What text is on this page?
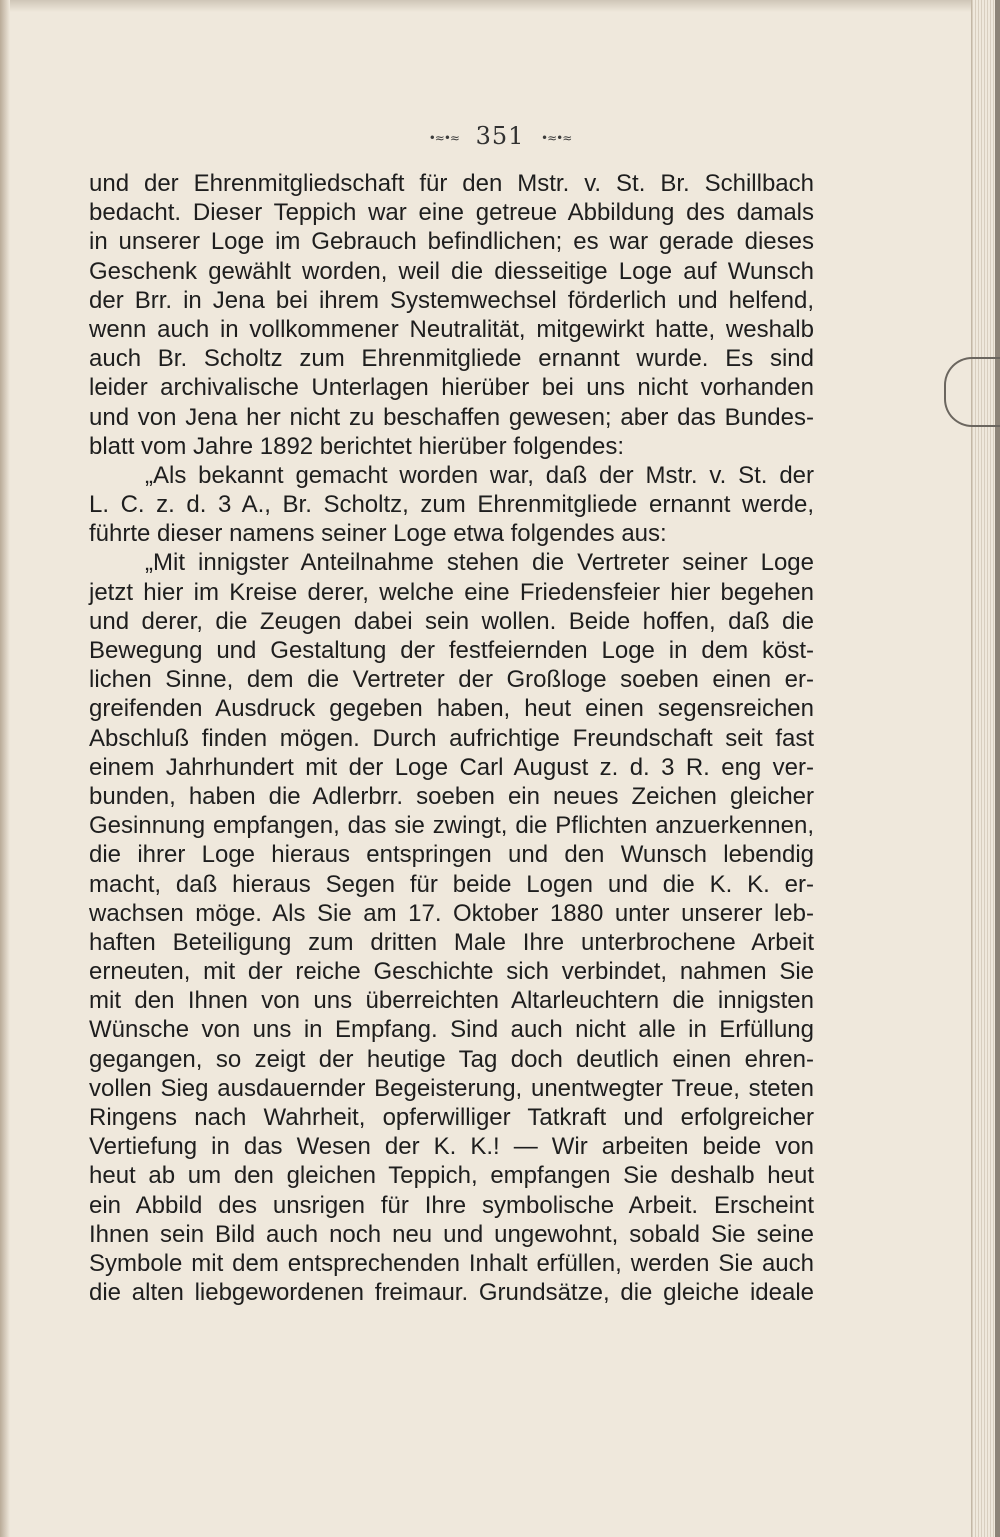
•≈•≈ 351 •≈•≈
und der Ehrenmitgliedschaft für den Mstr. v. St. Br. Schillbach
bedacht. Dieser Teppich war eine getreue Abbildung des damals
in unserer Loge im Gebrauch befindlichen; es war gerade dieses
Geschenk gewählt worden, weil die diesseitige Loge auf Wunsch
der Brr. in Jena bei ihrem Systemwechsel förderlich und helfend,
wenn auch in vollkommener Neutralität, mitgewirkt hatte, weshalb
auch Br. Scholtz zum Ehrenmitgliede ernannt wurde. Es sind
leider archivalische Unterlagen hierüber bei uns nicht vorhanden
und von Jena her nicht zu beschaffen gewesen; aber das Bundes-
blatt vom Jahre 1892 berichtet hierüber folgendes:
„Als bekannt gemacht worden war, daß der Mstr. v. St. der
L. C. z. d. 3 A., Br. Scholtz, zum Ehrenmitgliede ernannt werde,
führte dieser namens seiner Loge etwa folgendes aus:
„Mit innigster Anteilnahme stehen die Vertreter seiner Loge
jetzt hier im Kreise derer, welche eine Friedensfeier hier begehen
und derer, die Zeugen dabei sein wollen. Beide hoffen, daß die
Bewegung und Gestaltung der festfeiernden Loge in dem köst-
lichen Sinne, dem die Vertreter der Großloge soeben einen er-
greifenden Ausdruck gegeben haben, heut einen segensreichen
Abschluß finden mögen. Durch aufrichtige Freundschaft seit fast
einem Jahrhundert mit der Loge Carl August z. d. 3 R. eng ver-
bunden, haben die Adlerbrr. soeben ein neues Zeichen gleicher
Gesinnung empfangen, das sie zwingt, die Pflichten anzuerkennen,
die ihrer Loge hieraus entspringen und den Wunsch lebendig
macht, daß hieraus Segen für beide Logen und die K. K. er-
wachsen möge. Als Sie am 17. Oktober 1880 unter unserer leb-
haften Beteiligung zum dritten Male Ihre unterbrochene Arbeit
erneuten, mit der reiche Geschichte sich verbindet, nahmen Sie
mit den Ihnen von uns überreichten Altarleuchtern die innigsten
Wünsche von uns in Empfang. Sind auch nicht alle in Erfüllung
gegangen, so zeigt der heutige Tag doch deutlich einen ehren-
vollen Sieg ausdauernder Begeisterung, unentwegter Treue, steten
Ringens nach Wahrheit, opferwilliger Tatkraft und erfolgreicher
Vertiefung in das Wesen der K. K.! — Wir arbeiten beide von
heut ab um den gleichen Teppich, empfangen Sie deshalb heut
ein Abbild des unsrigen für Ihre symbolische Arbeit. Erscheint
Ihnen sein Bild auch noch neu und ungewohnt, sobald Sie seine
Symbole mit dem entsprechenden Inhalt erfüllen, werden Sie auch
die alten liebgewordenen freimaur. Grundsätze, die gleiche ideale
